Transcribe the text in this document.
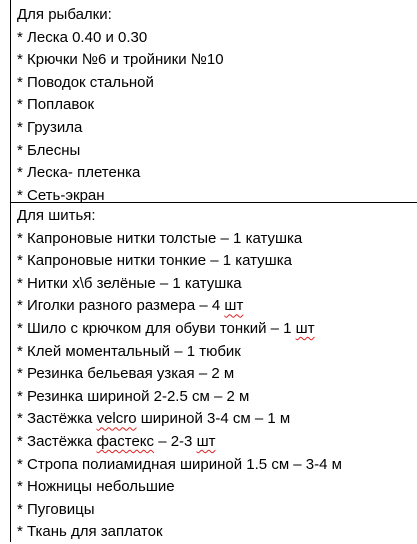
Для рыбалки:
* Леска 0.40 и 0.30
* Крючки №6 и тройники №10
* Поводок стальной
* Поплавок
* Грузила
* Блесны
* Леска- плетенка
* Сеть-экран
Для шитья:
* Капроновые нитки толстые – 1 катушка
* Капроновые нитки тонкие – 1 катушка
* Нитки х\б зелёные – 1 катушка
* Иголки разного размера – 4 шт
* Шило с крючком для обуви тонкий – 1 шт
* Клей моментальный – 1 тюбик
* Резинка бельевая узкая – 2 м
* Резинка шириной 2-2.5 см – 2 м
* Застёжка velcro шириной 3-4 см – 1 м
* Застёжка фастекс – 2-3 шт
* Стропа полиамидная шириной 1.5 см – 3-4 м
* Ножницы небольшие
* Пуговицы
* Ткань для заплаток
